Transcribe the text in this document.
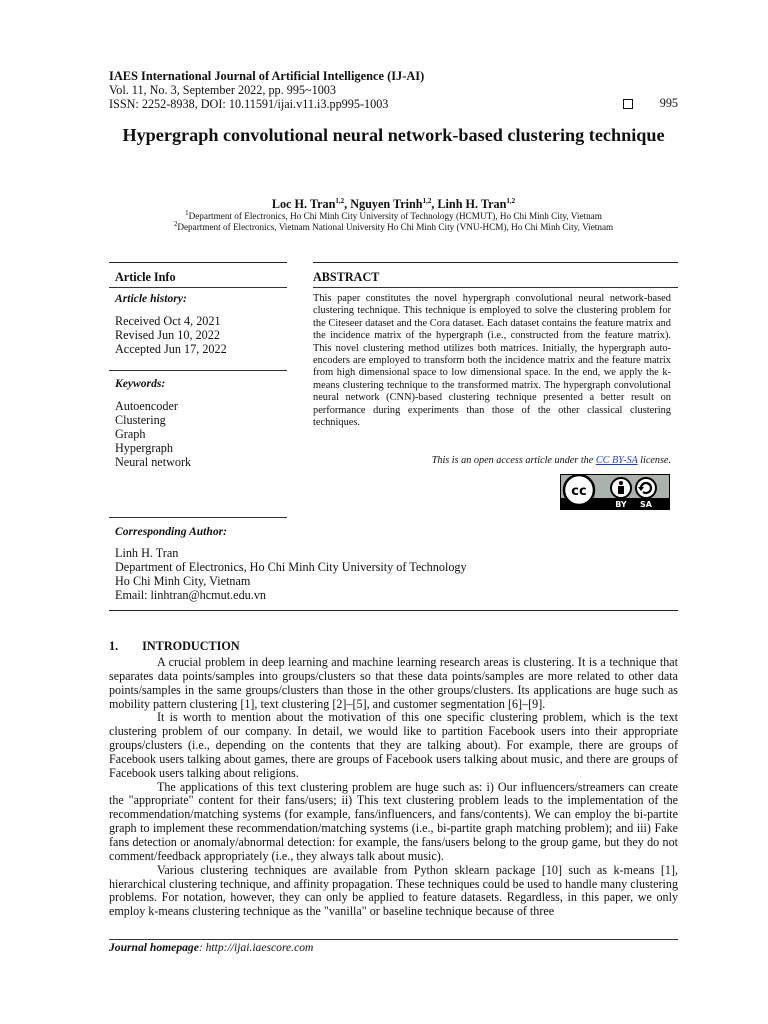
IAES International Journal of Artificial Intelligence (IJ-AI)
Vol. 11, No. 3, September 2022, pp. 995~1003
ISSN: 2252-8938, DOI: 10.11591/ijai.v11.i3.pp995-1003	995
Hypergraph convolutional neural network-based clustering technique
Loc H. Tran$^{1,2}$, Nguyen Trinh$^{1,2}$, Linh H. Tran$^{1,2}$
$^1$Department of Electronics, Ho Chi Minh City University of Technology (HCMUT), Ho Chi Minh City, Vietnam
$^2$Department of Electronics, Vietnam National University Ho Chi Minh City (VNU-HCM), Ho Chi Minh City, Vietnam
Article Info
Article history:
Received Oct 4, 2021
Revised Jun 10, 2022
Accepted Jun 17, 2022
Keywords:
Autoencoder
Clustering
Graph
Hypergraph
Neural network
ABSTRACT

This paper constitutes the novel hypergraph convolutional neural network-based clustering technique. This technique is employed to solve the clustering problem for the Citeseer dataset and the Cora dataset. Each dataset contains the feature matrix and the incidence matrix of the hypergraph (i.e., constructed from the feature matrix). This novel clustering method utilizes both matrices. Initially, the hypergraph auto-encoders are employed to transform both the incidence matrix and the feature matrix from high dimensional space to low dimensional space. In the end, we apply the k-means clustering technique to the transformed matrix. The hypergraph convolutional neural network (CNN)-based clustering technique presented a better result on performance during experiments than those of the other classical clustering techniques.

This is an open access article under the CC BY-SA license.
cc
BY SA
Corresponding Author:
Linh H. Tran
Department of Electronics, Ho Chi Minh City University of Technology
Ho Chi Minh City, Vietnam
Email: linhtran@hcmut.edu.vn
1. INTRODUCTION

A crucial problem in deep learning and machine learning research areas is clustering. It is a technique that separates data points/samples into groups/clusters so that these data points/samples are more related to other data points/samples in the same groups/clusters than those in the other groups/clusters. Its applications are huge such as mobility pattern clustering [1], text clustering [2]–[5], and customer segmentation [6]–[9].

It is worth to mention about the motivation of this one specific clustering problem, which is the text clustering problem of our company. In detail, we would like to partition Facebook users into their appropriate groups/clusters (i.e., depending on the contents that they are talking about). For example, there are groups of Facebook users talking about games, there are groups of Facebook users talking about music, and there are groups of Facebook users talking about religions.

The applications of this text clustering problem are huge such as: i) Our influencers/streamers can create the "appropriate" content for their fans/users; ii) This text clustering problem leads to the implementation of the recommendation/matching systems (for example, fans/influencers, and fans/contents). We can employ the bi-partite graph to implement these recommendation/matching systems (i.e., bi-partite graph matching problem); and iii) Fake fans detection or anomaly/abnormal detection: for example, the fans/users belong to the group game, but they do not comment/feedback appropriately (i.e., they always talk about music).

Various clustering techniques are available from Python sklearn package [10] such as k-means [1], hierarchical clustering technique, and affinity propagation. These techniques could be used to handle many clustering problems. For notation, however, they can only be applied to feature datasets. Regardless, in this paper, we only employ k-means clustering technique as the "vanilla" or baseline technique because of three

Journal homepage: http://ijai.iaescore.com
